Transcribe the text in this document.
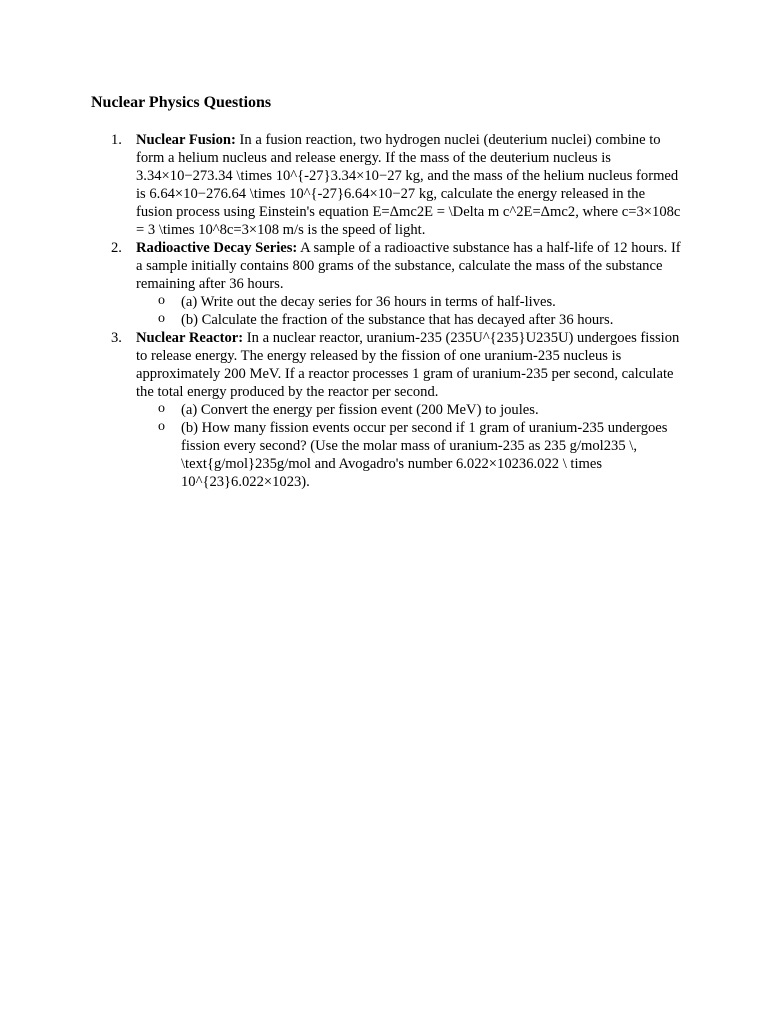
Nuclear Physics Questions
1. Nuclear Fusion: In a fusion reaction, two hydrogen nuclei (deuterium nuclei) combine to form a helium nucleus and release energy. If the mass of the deuterium nucleus is 3.34×10−273.34 \times 10^{-27}3.34×10−27 kg, and the mass of the helium nucleus formed is 6.64×10−276.64 \times 10^{-27}6.64×10−27 kg, calculate the energy released in the fusion process using Einstein's equation E=Δmc2E = \Delta m c^2E=Δmc2, where c=3×108c = 3 \times 10^8c=3×108 m/s is the speed of light.
2. Radioactive Decay Series: A sample of a radioactive substance has a half-life of 12 hours. If a sample initially contains 800 grams of the substance, calculate the mass of the substance remaining after 36 hours.
o (a) Write out the decay series for 36 hours in terms of half-lives.
o (b) Calculate the fraction of the substance that has decayed after 36 hours.
3. Nuclear Reactor: In a nuclear reactor, uranium-235 (235U^{235}U235U) undergoes fission to release energy. The energy released by the fission of one uranium-235 nucleus is approximately 200 MeV. If a reactor processes 1 gram of uranium-235 per second, calculate the total energy produced by the reactor per second.
o (a) Convert the energy per fission event (200 MeV) to joules.
o (b) How many fission events occur per second if 1 gram of uranium-235 undergoes fission every second? (Use the molar mass of uranium-235 as 235 g/mol235 \, \text{g/mol}235g/mol and Avogadro's number 6.022×10236.022 \ times 10^{23}6.022×1023).
